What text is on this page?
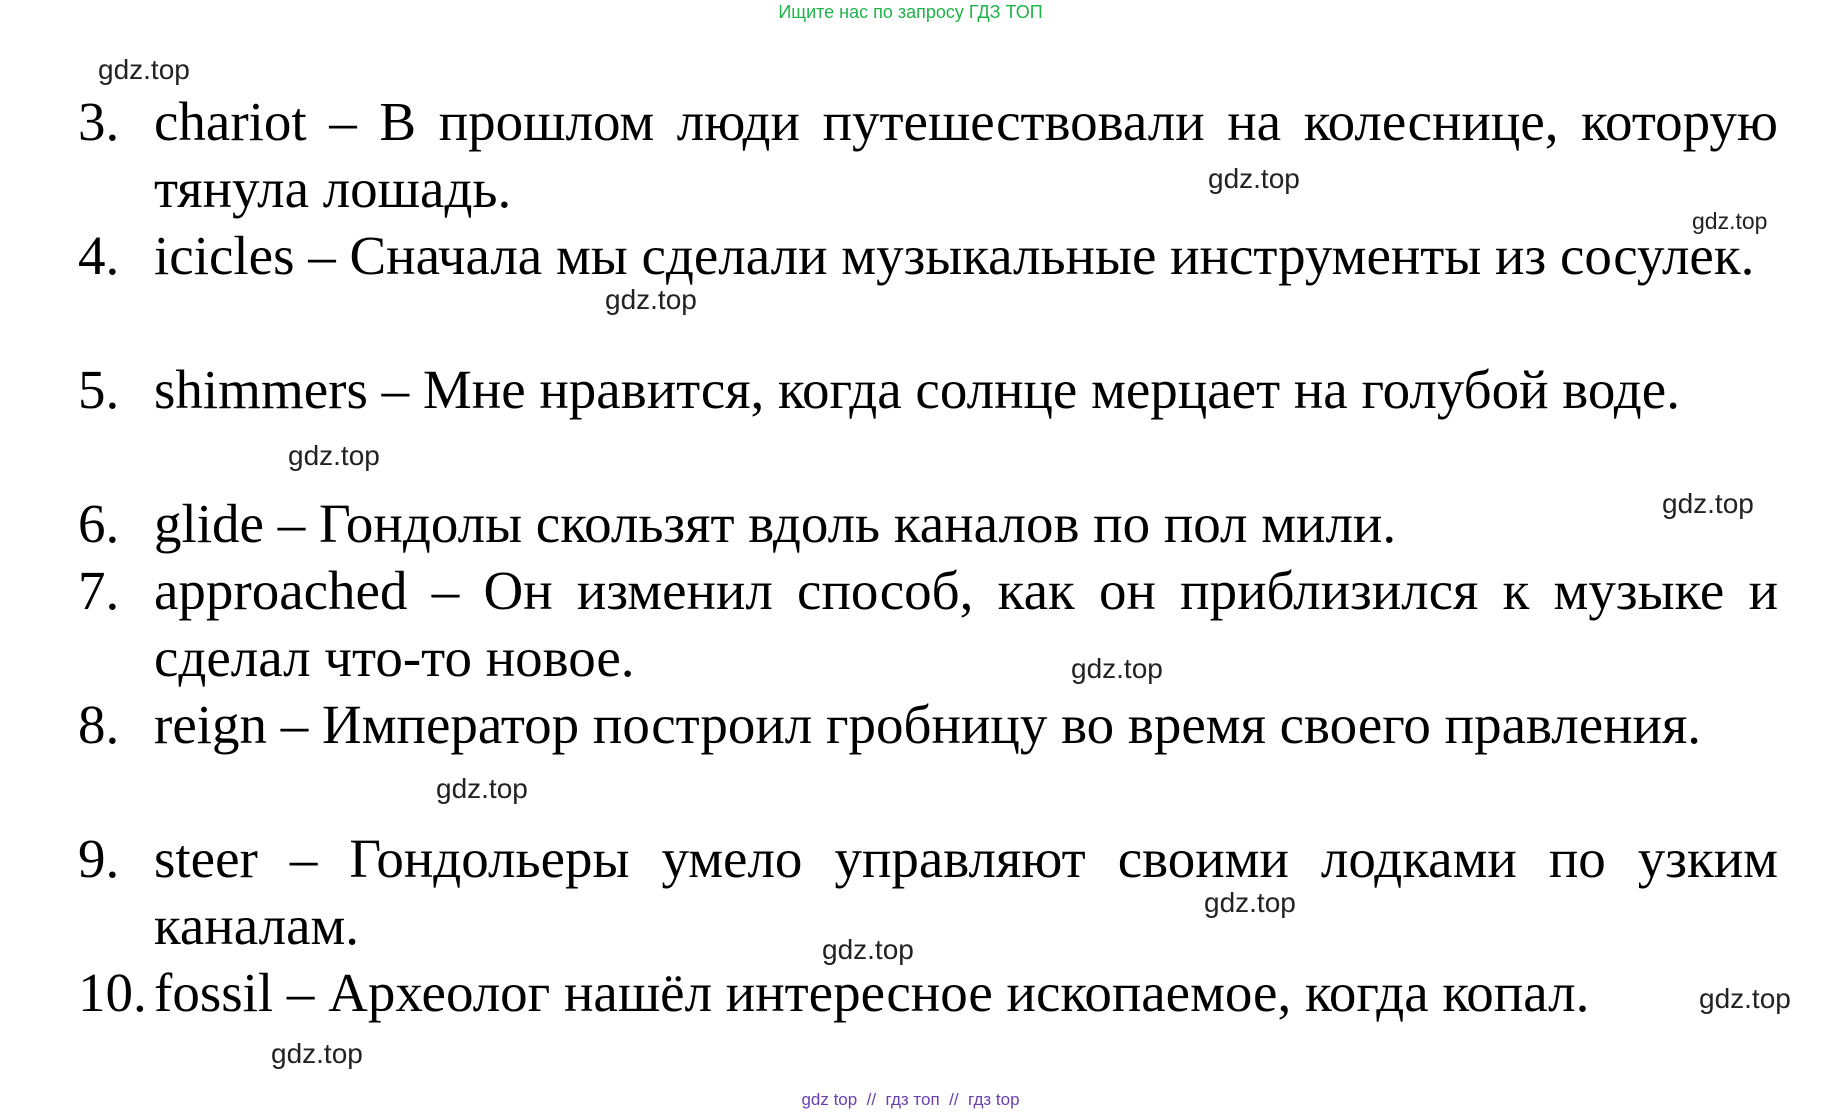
Ищите нас по запросу ГДЗ ТОП
3. chariot – В прошлом люди путешествовали на колеснице, которую тянула лошадь.
4. icicles – Сначала мы сделали музыкальные инструменты из сосулек.
5. shimmers – Мне нравится, когда солнце мерцает на голубой воде.
6. glide – Гондолы скользят вдоль каналов по пол мили.
7. approached – Он изменил способ, как он приблизился к музыке и сделал что-то новое.
8. reign – Император построил гробницу во время своего правления.
9. steer – Гондольеры умело управляют своими лодками по узким каналам.
10. fossil – Археолог нашёл интересное ископаемое, когда копал.
gdz.top
gdz.top
gdz.top
gdz.top
gdz.top
gdz.top
gdz.top
gdz.top
gdz.top
gdz.top
gdz.top
gdz.top
gdz top  //  гдз топ  //  гдз top
